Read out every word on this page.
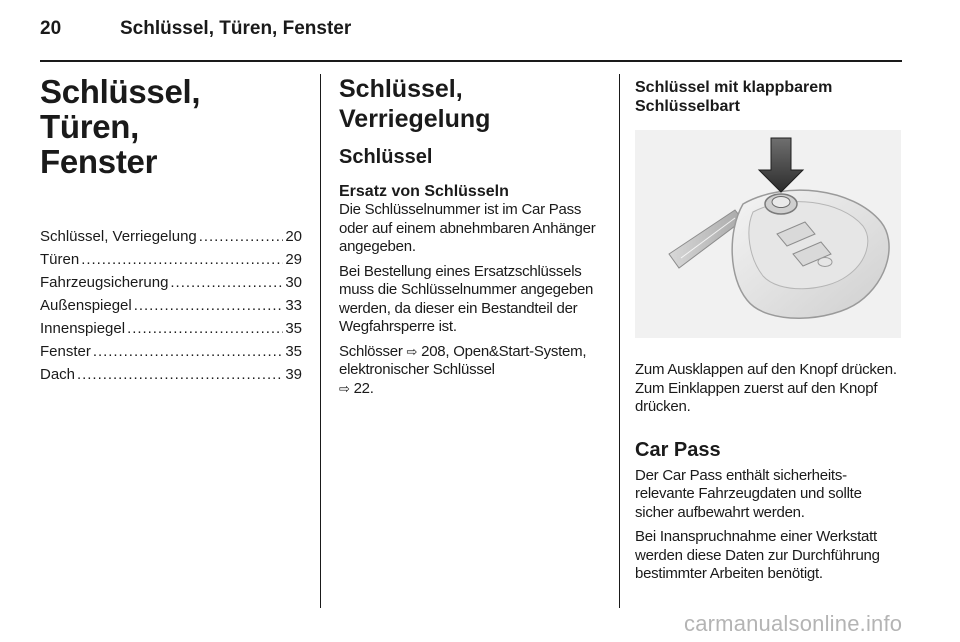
20	Schlüssel, Türen, Fenster
Schlüssel, Türen,
Fenster
Schlüssel, Verriegelung . . .	20
Türen . . .	29
Fahrzeugsicherung . . .	30
Außenspiegel . . .	33
Innenspiegel . . .	35
Fenster . . .	35
Dach . . .	39
Schlüssel, Verriegelung
Schlüssel
Ersatz von Schlüsseln

Die Schlüsselnummer ist im Car Pass oder auf einem abnehmbaren Anhänger angegeben.

Bei Bestellung eines Ersatzschlüssels muss die Schlüsselnummer angegeben werden, da dieser ein Bestandteil der Wegfahrsperre ist.

Schlösser ⇨ 208, Open&Start-System, elektronischer Schlüssel
⇨ 22.

Schlüssel mit klappbarem
Schlüsselbart

Zum Ausklappen auf den Knopf drücken. Zum Einklappen zuerst auf den Knopf drücken.

Car Pass

Der Car Pass enthält sicherheitsrelevante Fahrzeugdaten und sollte sicher aufbewahrt werden.

Bei Inanspruchnahme einer Werkstatt werden diese Daten zur Durchführung bestimmter Arbeiten benötigt.

carmanualsonline.info
